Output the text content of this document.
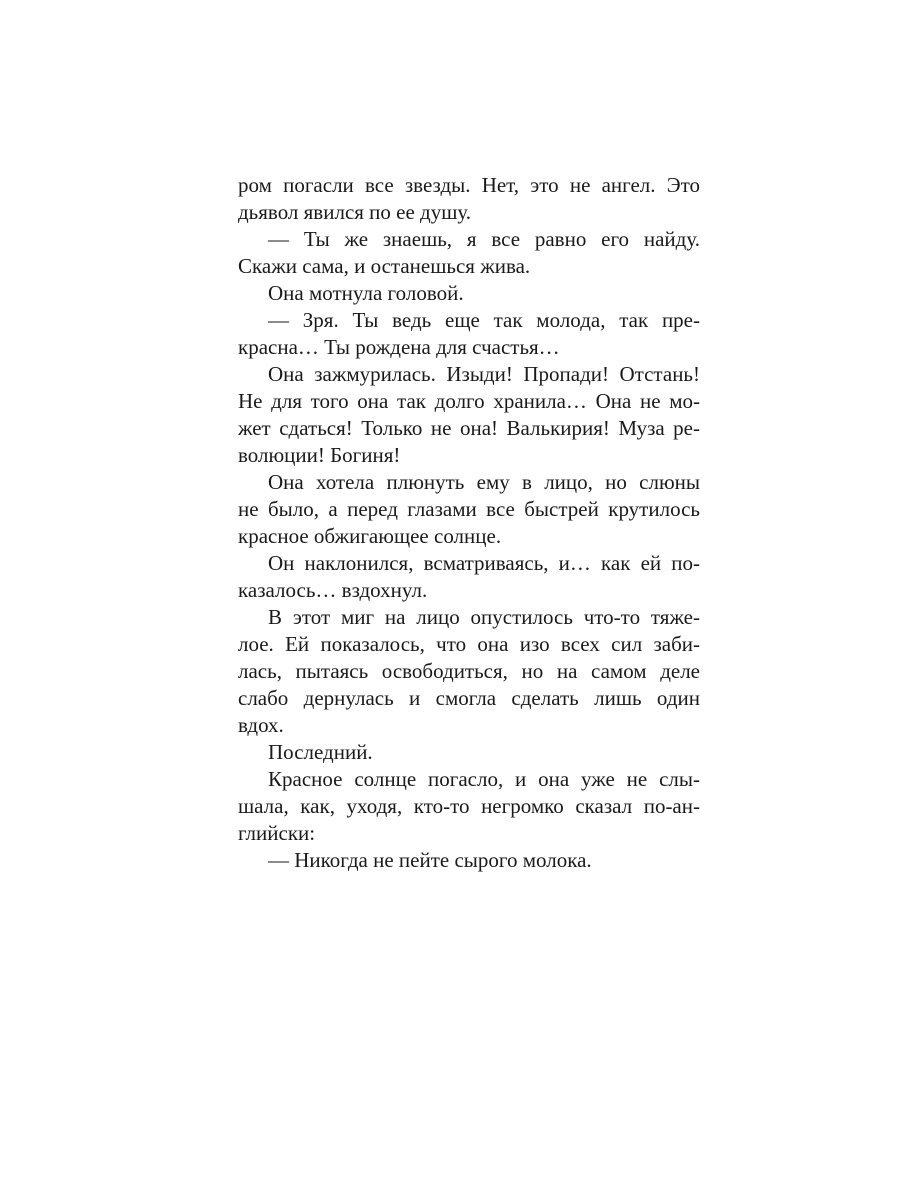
ром погасли все звезды. Нет, это не ангел. Это
дьявол явился по ее душу.
— Ты же знаешь, я все равно его найду.
Скажи сама, и останешься жива.
Она мотнула головой.
— Зря. Ты ведь еще так молода, так пре-
красна… Ты рождена для счастья…
Она зажмурилась. Изыди! Пропади! Отстань!
Не для того она так долго хранила… Она не мо-
жет сдаться! Только не она! Валькирия! Муза ре-
волюции! Богиня!
Она хотела плюнуть ему в лицо, но слюны
не было, а перед глазами все быстрей крутилось
красное обжигающее солнце.
Он наклонился, всматриваясь, и… как ей по-
казалось… вздохнул.
В этот миг на лицо опустилось что-то тяже-
лое. Ей показалось, что она изо всех сил заби-
лась, пытаясь освободиться, но на самом деле
слабо дернулась и смогла сделать лишь один
вдох.
Последний.
Красное солнце погасло, и она уже не слы-
шала, как, уходя, кто-то негромко сказал по-ан-
глийски:
— Никогда не пейте сырого молока.
